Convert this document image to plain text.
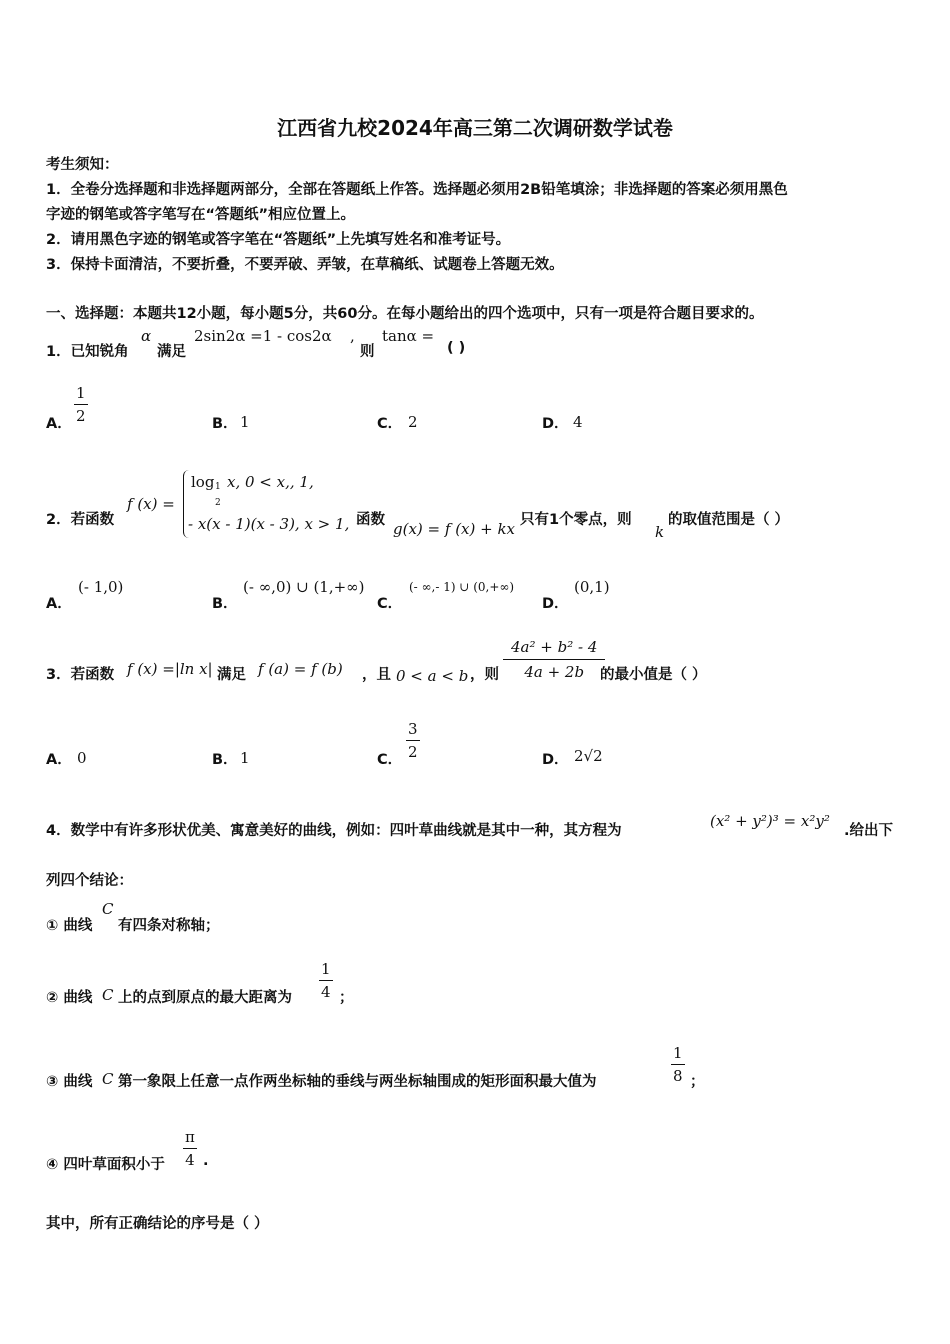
江西省九校2024年高三第二次调研数学试卷
考生须知：
1．全卷分选择题和非选择题两部分，全部在答题纸上作答。选择题必须用2B铅笔填涂；非选择题的答案必须用黑色
字迹的钢笔或答字笔写在“答题纸”相应位置上。
2．请用黑色字迹的钢笔或答字笔在“答题纸”上先填写姓名和准考证号。
3．保持卡面清洁，不要折叠，不要弄破、弄皱，在草稿纸、试题卷上答题无效。
一、选择题：本题共12小题，每小题5分，共60分。在每小题给出的四个选项中，只有一项是符合题目要求的。
1．已知锐角
α
满足
2sin2α =1 - cos2α ,
则
tanα =
( )
A． $\frac{1}{2}$	B． 1	C． 2	D． 4
2．若函数
f (x) =
log 1
2
x, 0 < x,, 1,
- x(x - 1)(x - 3), x > 1, 函数 g(x) = f (x) + kx 只有1个零点，则
k
的取值范围是（ ）
A．
(- 1,0)
B．
(- ∞,0) ∪ (1,+∞)
C．
(- ∞,- 1) ∪ (0,+∞)
D．
(0,1)
3．若函数 f (x) =|ln x| 满足 f (a) = f (b) ，且 0 < a < b ，则 $\frac{\text{4a² + b² - 4}}{4a + 2b}$
的最小值是（ ）
A． 0	B． 1	C． $\frac{3}{2}$	D． 2√2
4．数学中有许多形状优美、寓意美好的曲线，例如：四叶草曲线就是其中一种，其方程为
(x² + y²)³ = x²y²
.给出下
列四个结论：
① 曲线
C
有四条对称轴；
② 曲线 C 上的点到原点的最大距离为 $\frac{1}{4}$ ；
③ 曲线 C 第一象限上任意一点作两坐标轴的垂线与两坐标轴围成的矩形面积最大值为	$\frac{1}{8}$ ；
④ 四叶草面积小于 $\frac{\pi}{4}$ .
其中，所有正确结论的序号是（ ）
